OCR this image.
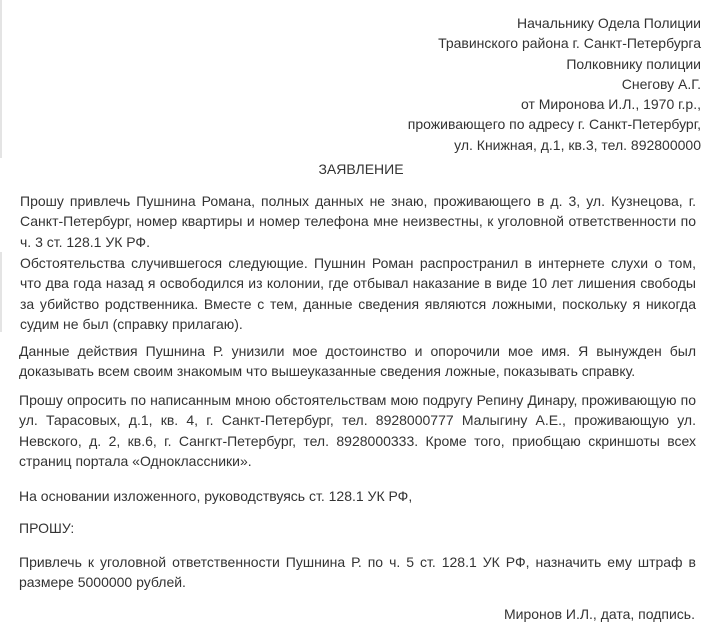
Начальнику Одела Полиции
Травинского района г. Санкт-Петербурга
Полковнику полиции
Снегову А.Г.
от Миронова И.Л., 1970 г.р.,
проживающего по адресу г. Санкт-Петербург,
ул. Книжная, д.1, кв.3, тел. 892800000
ЗАЯВЛЕНИЕ

Прошу привлечь Пушнина Романа, полных данных не знаю, проживающего в д. 3, ул. Кузнецова, г. Санкт-Петербург, номер квартиры и номер телефона мне неизвестны, к уголовной ответственности по ч. 3 ст. 128.1 УК РФ.

Обстоятельства случившегося следующие. Пушнин Роман распространил в интернете слухи о том, что два года назад я освободился из колонии, где отбывал наказание в виде 10 лет лишения свободы за убийство родственника. Вместе с тем, данные сведения являются ложными, поскольку я никогда судим не был (справку прилагаю).

Данные действия Пушнина Р. унизили мое достоинство и опорочили мое имя. Я вынужден был доказывать всем своим знакомым что вышеуказанные сведения ложные, показывать справку.

Прошу опросить по написанным мною обстоятельствам мою подругу Репину Динару, проживающую по ул. Тарасовых, д.1, кв. 4, г. Санкт-Петербург, тел. 8928000777 Малыгину А.Е., проживающую ул. Невского, д. 2, кв.6, г. Сангкт-Петербург, тел. 8928000333. Кроме того, приобщаю скриншоты всех страниц портала «Одноклассники».

На основании изложенного, руководствуясь ст. 128.1 УК РФ,

ПРОШУ:

Привлечь к уголовной ответственности Пушнина Р. по ч. 5 ст. 128.1 УК РФ, назначить ему штраф в размере 5000000 рублей.

Миронов И.Л., дата, подпись.
